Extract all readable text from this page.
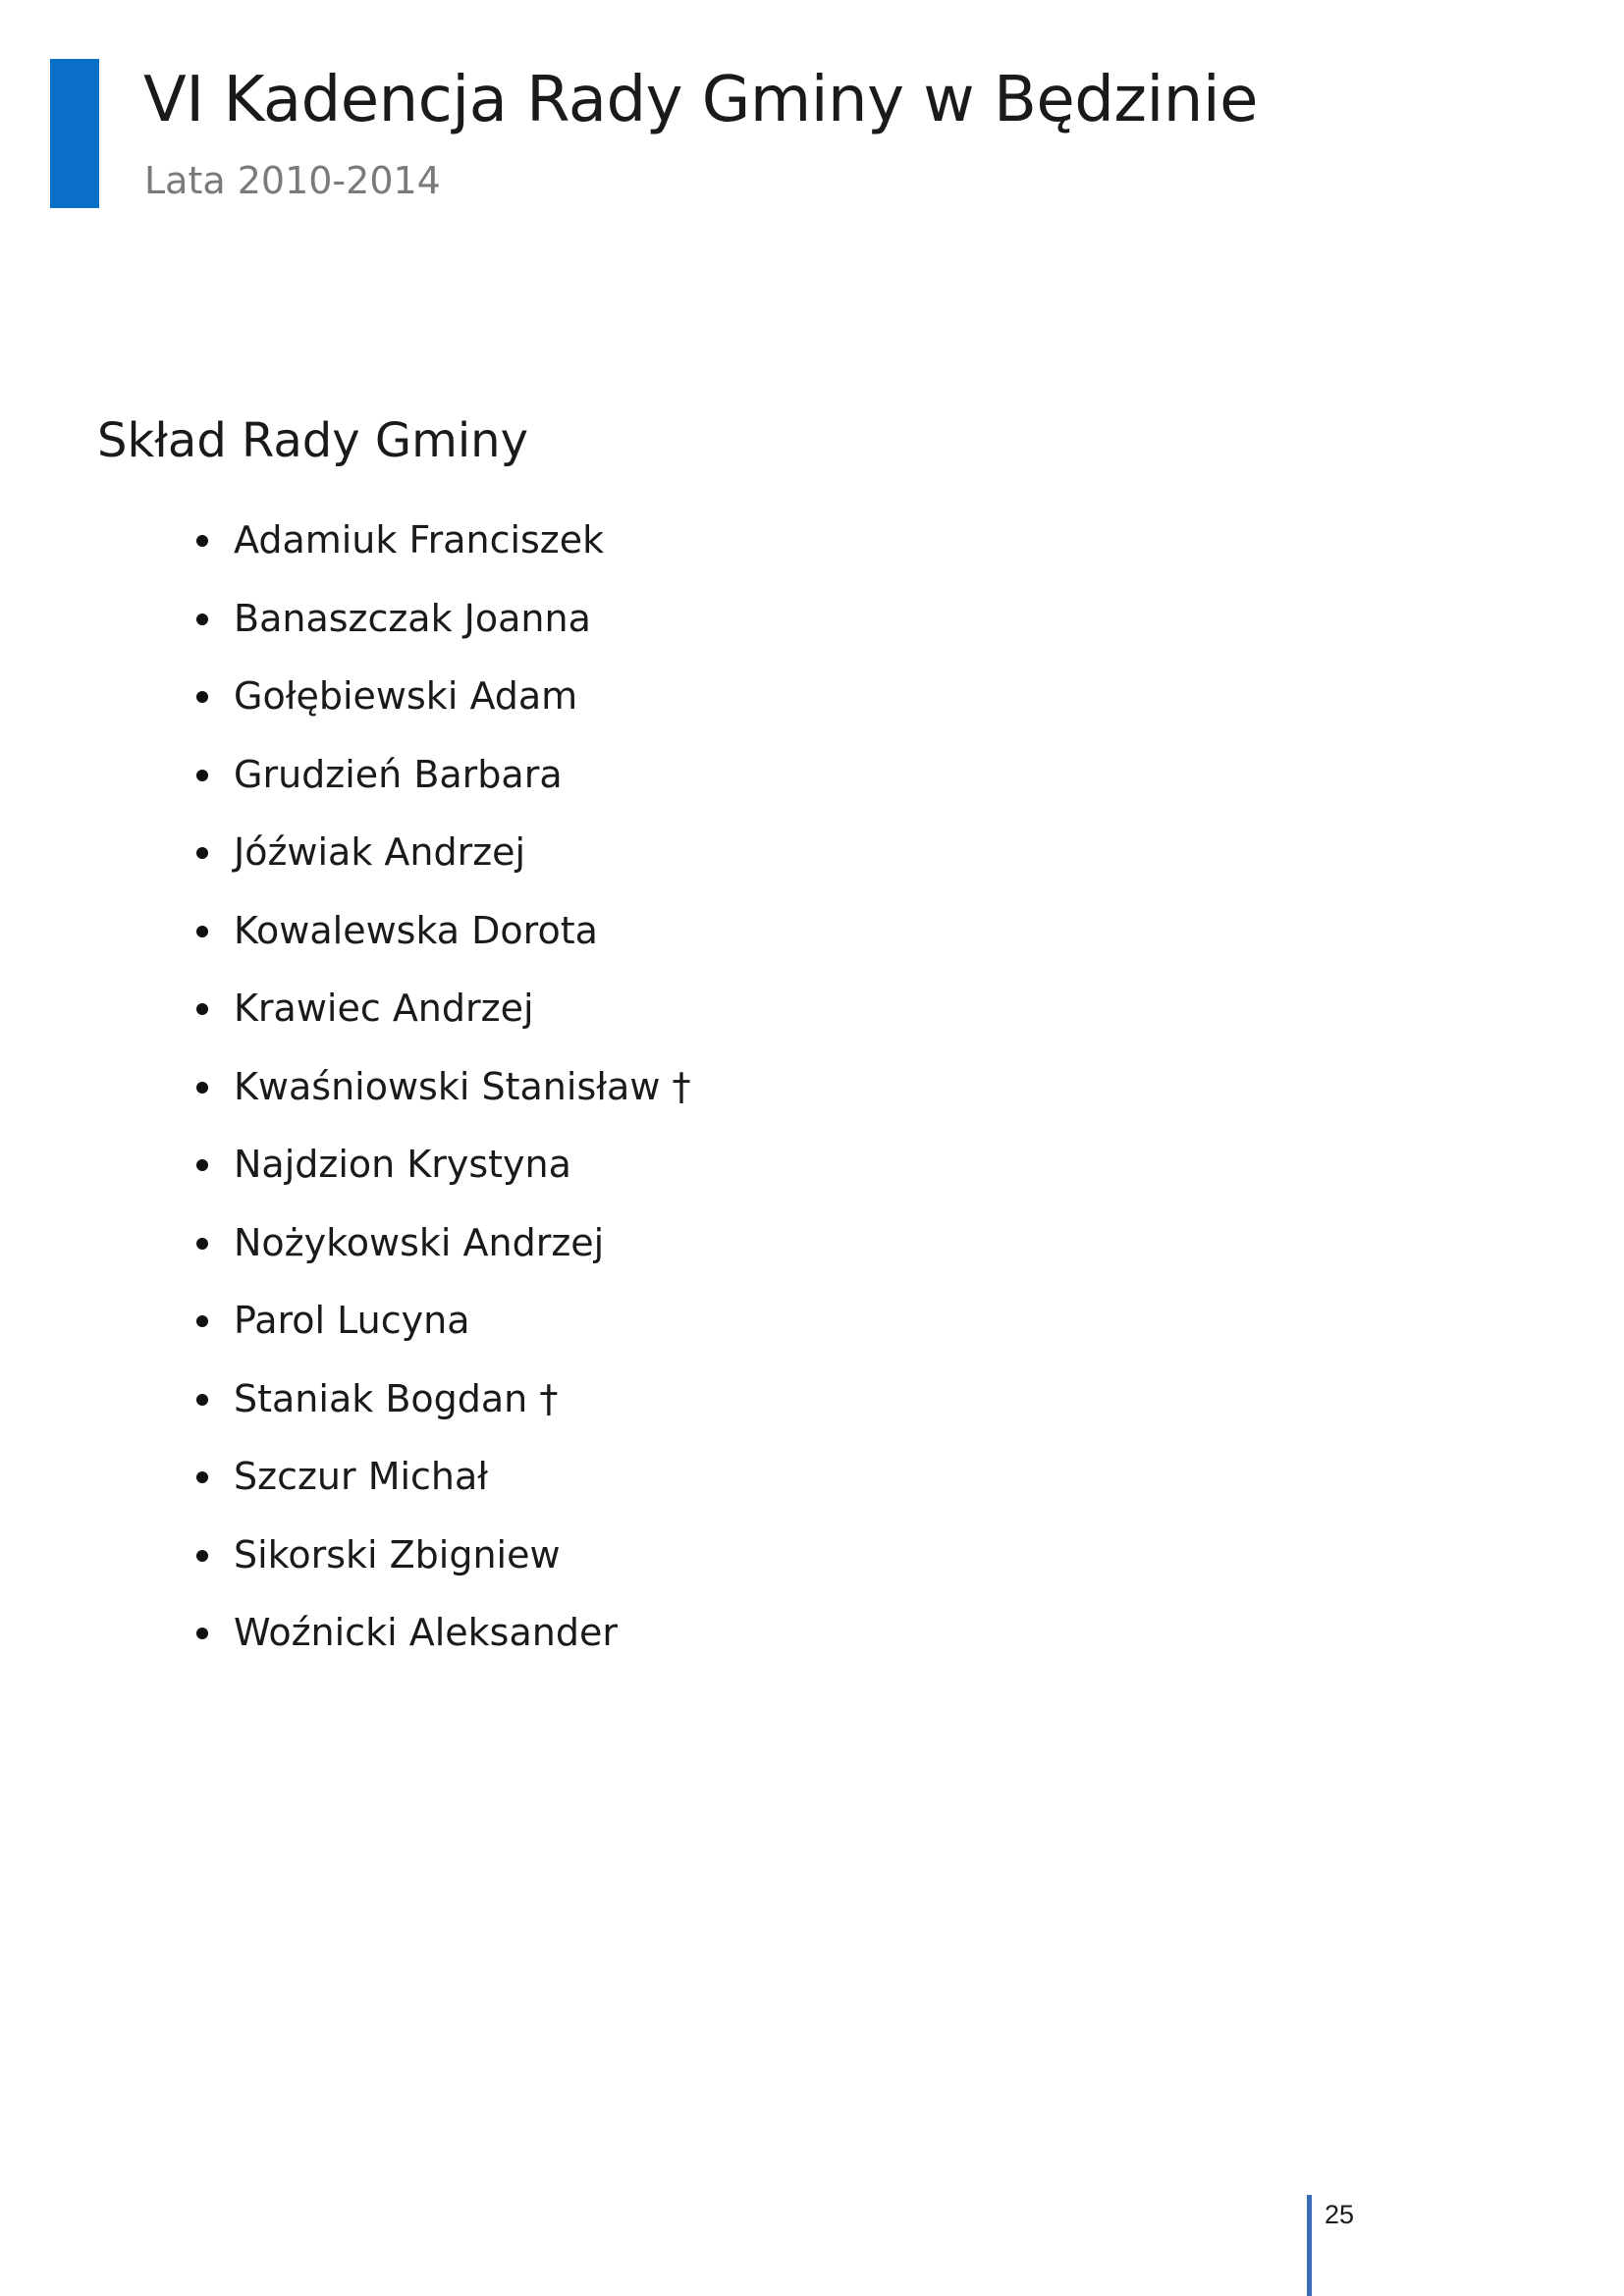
VI Kadencja Rady Gminy w Będzinie

Lata 2010-2014

Skład Rady Gminy
Adamiuk Franciszek
Banaszczak Joanna
Gołębiewski Adam
Grudzień Barbara
Jóźwiak Andrzej
Kowalewska Dorota
Krawiec Andrzej
Kwaśniowski Stanisław †
Najdzion Krystyna
Nożykowski Andrzej
Parol Lucyna
Staniak Bogdan †
Szczur Michał
Sikorski Zbigniew
Woźnicki Aleksander

25
